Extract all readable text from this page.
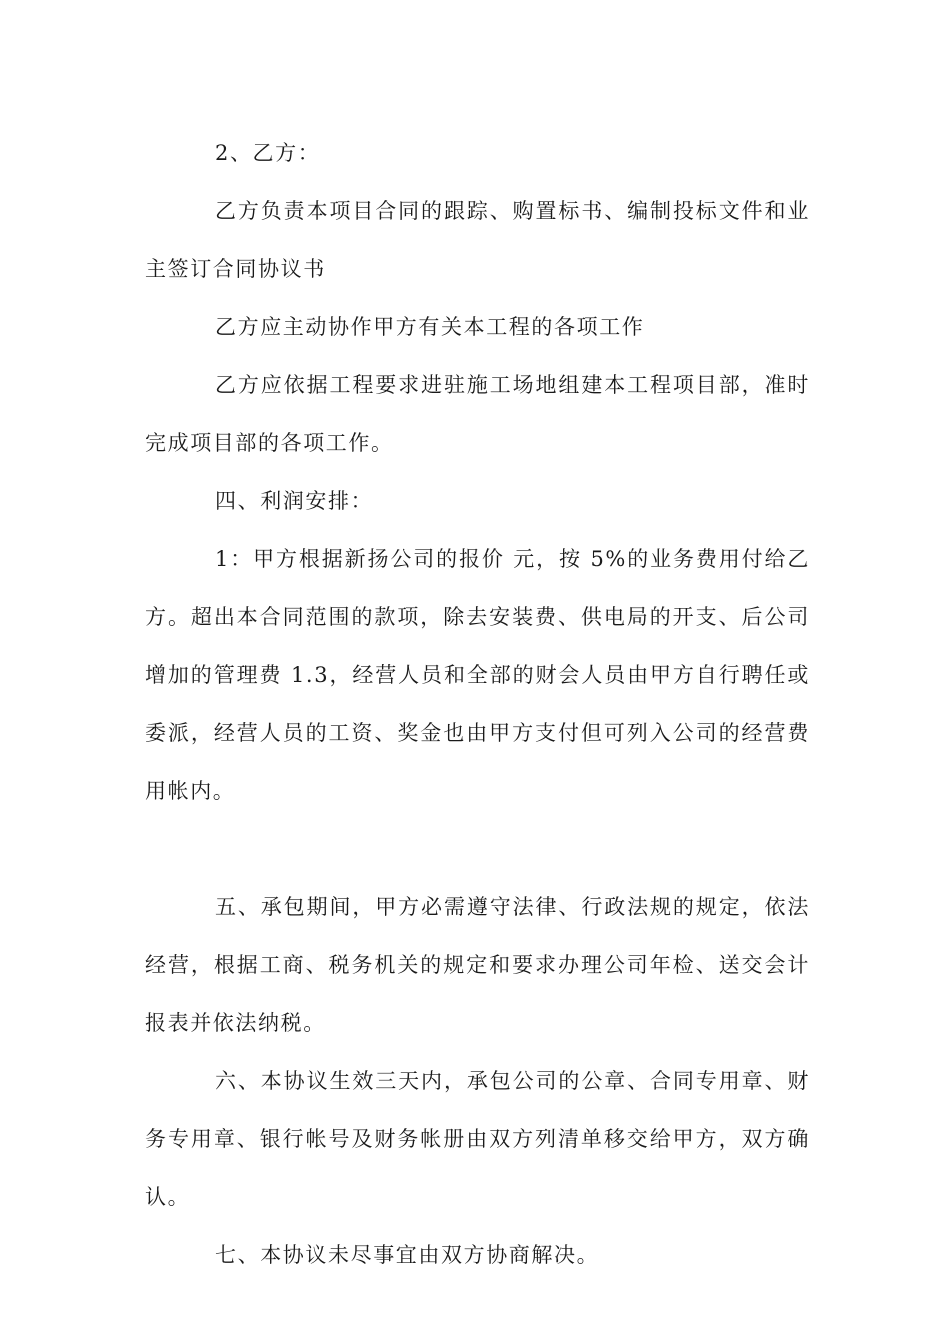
2、乙方：

乙方负责本项目合同的跟踪、购置标书、编制投标文件和业主签订合同协议书

乙方应主动协作甲方有关本工程的各项工作

乙方应依据工程要求进驻施工场地组建本工程项目部，准时完成项目部的各项工作。

四、利润安排：

1：甲方根据新扬公司的报价 元，按 5%的业务费用付给乙方。超出本合同范围的款项，除去安装费、供电局的开支、后公司增加的管理费 1.3，经营人员和全部的财会人员由甲方自行聘任或委派，经营人员的工资、奖金也由甲方支付但可列入公司的经营费用帐内。

五、承包期间，甲方必需遵守法律、行政法规的规定，依法经营，根据工商、税务机关的规定和要求办理公司年检、送交会计报表并依法纳税。

六、本协议生效三天内，承包公司的公章、合同专用章、财务专用章、银行帐号及财务帐册由双方列清单移交给甲方，双方确认。

七、本协议未尽事宜由双方协商解决。
